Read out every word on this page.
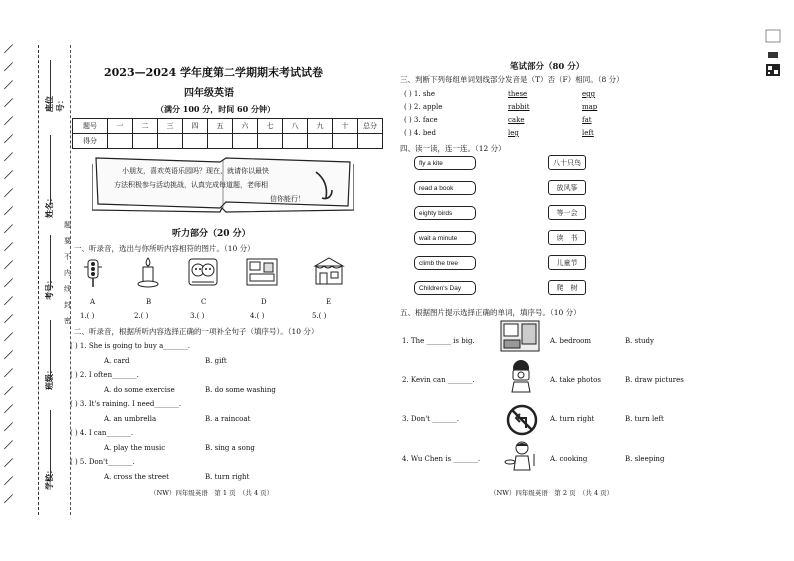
／
／
／
／
／
／
／
／
／
／
／
／
／
／
／
／
／
／
／
／
／
／
／
／
／
／
座位号：
姓名：
考号：
班级：
学校：
题
要
不
内
线
封
密
2023—2024 学年度第二学期期末考试试卷
四年级英语
（满分 100 分，时间 60 分钟）
题号	一	二	三	四	五	六	七	八	九	十	总分
得分											
小朋友，喜欢英语乐园吗？现在，就请你以最快
方法积极参与活动挑战，认真完成每道题，老师相
信你能行！
听力部分（20 分）
一、听录音，选出与你所听内容相符的图片。（10 分）
A	B	C	D	E
1.( )	2.( )	3.( )	4.( )	5.( )
二、听录音，根据所听内容选择正确的一项补全句子（填序号）。（10 分）
( ) 1. She is going to buy a_______.
A. card	B. gift
( ) 2. I often_______.
A. do some exercise	B. do some washing
( ) 3. It's raining. I need_______.
A. an umbrella	B. a raincoat
( ) 4. I can_______.
A. play the music	B. sing a song
( ) 5. Don't_______.
A. cross the street	B. turn right
（NW）四年级英语　第 1 页　（共 4 页）
笔试部分（80 分）
三、判断下列每组单词划线部分发音是（T）否（F）相同。（8 分）
( ) 1. she	these	egg
( ) 2. apple	rabbit	map
( ) 3. face	cake	fat
( ) 4. bed	leg	left
四、读一读，连一连。（12 分）
fly a kite
read a book
eighty birds
wait a minute
climb the tree
Children's Day
八十只鸟
放风筝
等一会
读　书
儿童节
爬　树
五、根据图片提示选择正确的单词，填序号。（10 分）
1. The _______ is big.	A. bedroom	B. study
2. Kevin can _______.	A. take photos	B. draw pictures
3. Don't _______.	A. turn right	B. turn left
4. Wu Chen is _______.	A. cooking	B. sleeping
（NW）四年级英语　第 2 页　（共 4 页）
